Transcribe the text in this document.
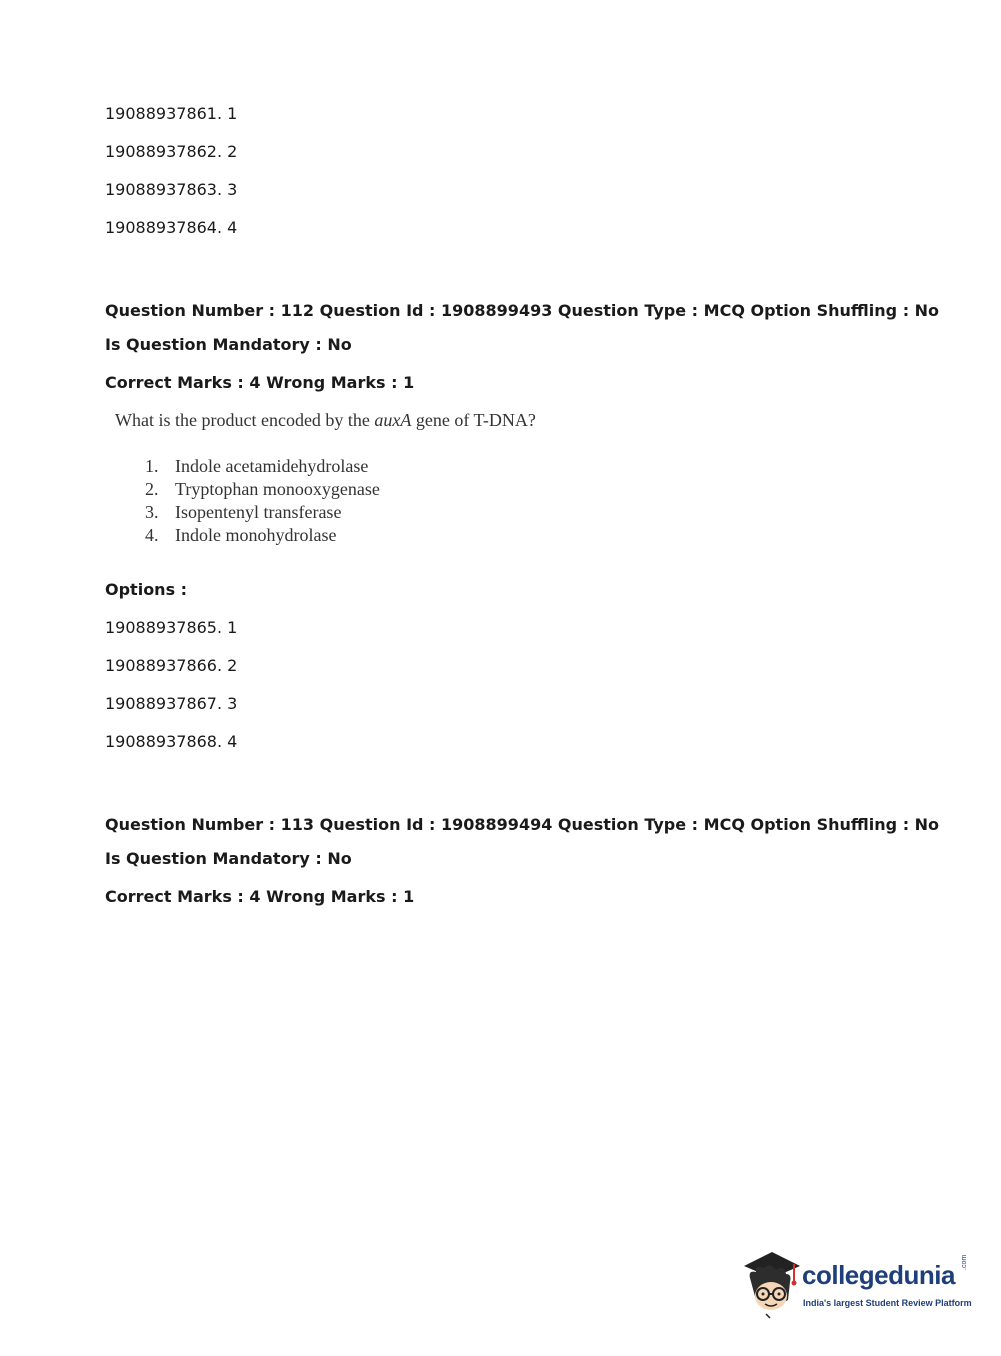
19088937861. 1
19088937862. 2
19088937863. 3
19088937864. 4
Question Number : 112 Question Id : 1908899493 Question Type : MCQ Option Shuffling : No
Is Question Mandatory : No
Correct Marks : 4 Wrong Marks : 1
What is the product encoded by the auxA gene of T-DNA?
1. Indole acetamidehydrolase
2. Tryptophan monooxygenase
3. Isopentenyl transferase
4. Indole monohydrolase
Options :
19088937865. 1
19088937866. 2
19088937867. 3
19088937868. 4
Question Number : 113 Question Id : 1908899494 Question Type : MCQ Option Shuffling : No
Is Question Mandatory : No
Correct Marks : 4 Wrong Marks : 1
collegedunia .com
India's largest Student Review Platform
